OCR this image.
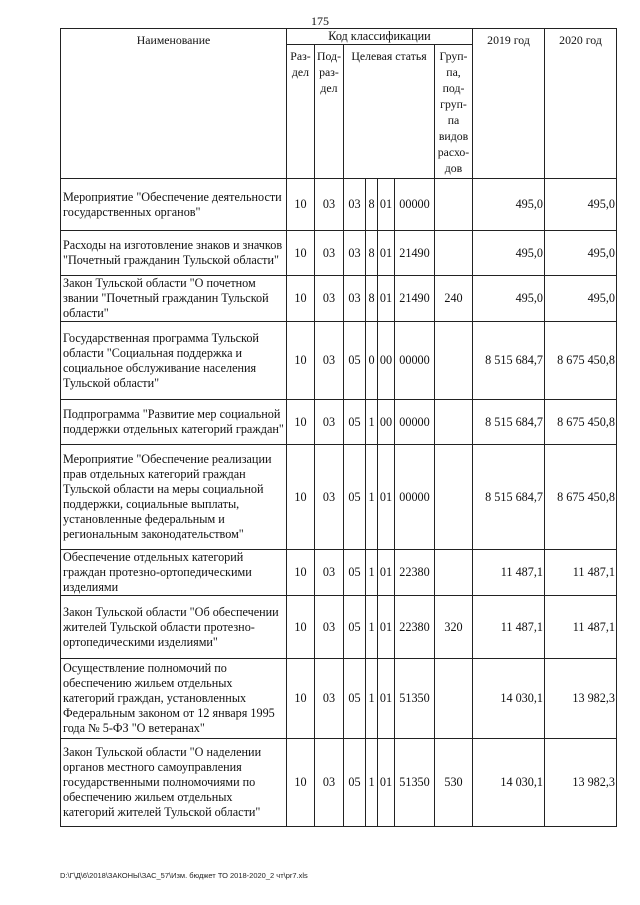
175
Наименование	Код классификации							2019 год	2020 год
	Раз-дел	Под-раз-дел	Целевая статья				Груп-па, под-груп-па видов расхо-дов		
Мероприятие "Обеспечение деятельности государственных органов"	10	03	03	8	01	00000		495,0	495,0
Расходы на изготовление знаков и значков "Почетный гражданин Тульской области"	10	03	03	8	01	21490		495,0	495,0
Закон Тульской области "О почетном звании "Почетный гражданин Тульской области"	10	03	03	8	01	21490	240	495,0	495,0
Государственная программа Тульской области "Социальная поддержка и социальное обслуживание населения Тульской области"	10	03	05	0	00	00000		8 515 684,7	8 675 450,8
Подпрограмма "Развитие мер социальной поддержки отдельных категорий граждан"	10	03	05	1	00	00000		8 515 684,7	8 675 450,8
Мероприятие "Обеспечение реализации прав отдельных категорий граждан Тульской области на меры социальной поддержки, социальные выплаты, установленные федеральным и региональным законодательством"	10	03	05	1	01	00000		8 515 684,7	8 675 450,8
Обеспечение отдельных категорий граждан протезно-ортопедическими изделиями	10	03	05	1	01	22380		11 487,1	11 487,1
Закон Тульской области "Об обеспечении жителей Тульской области протезно-ортопедическими изделиями"	10	03	05	1	01	22380	320	11 487,1	11 487,1
Осуществление полномочий по обеспечению жильем отдельных категорий граждан, установленных Федеральным законом от 12 января 1995 года № 5-ФЗ "О ветеранах"	10	03	05	1	01	51350		14 030,1	13 982,3
Закон Тульской области "О наделении органов местного самоуправления государственными полномочиями по обеспечению жильем отдельных категорий жителей Тульской области"	10	03	05	1	01	51350	530	14 030,1	13 982,3
D:\Г\Д\6\2018\ЗАКОНЫ\ЗАС_57\Изм. бюджет ТО 2018-2020_2 чт\pr7.xls
